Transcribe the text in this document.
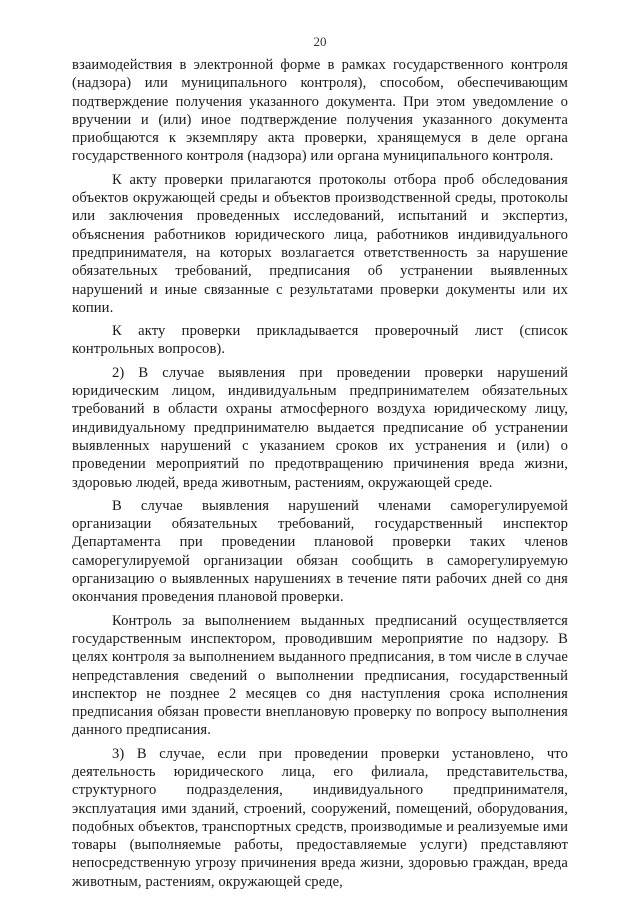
20

взаимодействия в электронной форме в рамках государственного контроля (надзора) или муниципального контроля), способом, обеспечивающим подтверждение получения указанного документа. При этом уведомление о вручении и (или) иное подтверждение получения указанного документа приобщаются к экземпляру акта проверки, хранящемуся в деле органа государственного контроля (надзора) или органа муниципального контроля.

К акту проверки прилагаются протоколы отбора проб обследования объектов окружающей среды и объектов производственной среды, протоколы или заключения проведенных исследований, испытаний и экспертиз, объяснения работников юридического лица, работников индивидуального предпринимателя, на которых возлагается ответственность за нарушение обязательных требований, предписания об устранении выявленных нарушений и иные связанные с результатами проверки документы или их копии.

К акту проверки прикладывается проверочный лист (список контрольных вопросов).

2) В случае выявления при проведении проверки нарушений юридическим лицом, индивидуальным предпринимателем обязательных требований в области охраны атмосферного воздуха юридическому лицу, индивидуальному предпринимателю выдается предписание об устранении выявленных нарушений с указанием сроков их устранения и (или) о проведении мероприятий по предотвращению причинения вреда жизни, здоровью людей, вреда животным, растениям, окружающей среде.

В случае выявления нарушений членами саморегулируемой организации обязательных требований, государственный инспектор Департамента при проведении плановой проверки таких членов саморегулируемой организации обязан сообщить в саморегулируемую организацию о выявленных нарушениях в течение пяти рабочих дней со дня окончания проведения плановой проверки.

Контроль за выполнением выданных предписаний осуществляется государственным инспектором, проводившим мероприятие по надзору. В целях контроля за выполнением выданного предписания, в том числе в случае непредставления сведений о выполнении предписания, государственный инспектор не позднее 2 месяцев со дня наступления срока исполнения предписания обязан провести внеплановую проверку по вопросу выполнения данного предписания.

3) В случае, если при проведении проверки установлено, что деятельность юридического лица, его филиала, представительства, структурного подразделения, индивидуального предпринимателя, эксплуатация ими зданий, строений, сооружений, помещений, оборудования, подобных объектов, транспортных средств, производимые и реализуемые ими товары (выполняемые работы, предоставляемые услуги) представляют непосредственную угрозу причинения вреда жизни, здоровью граждан, вреда животным, растениям, окружающей среде,
